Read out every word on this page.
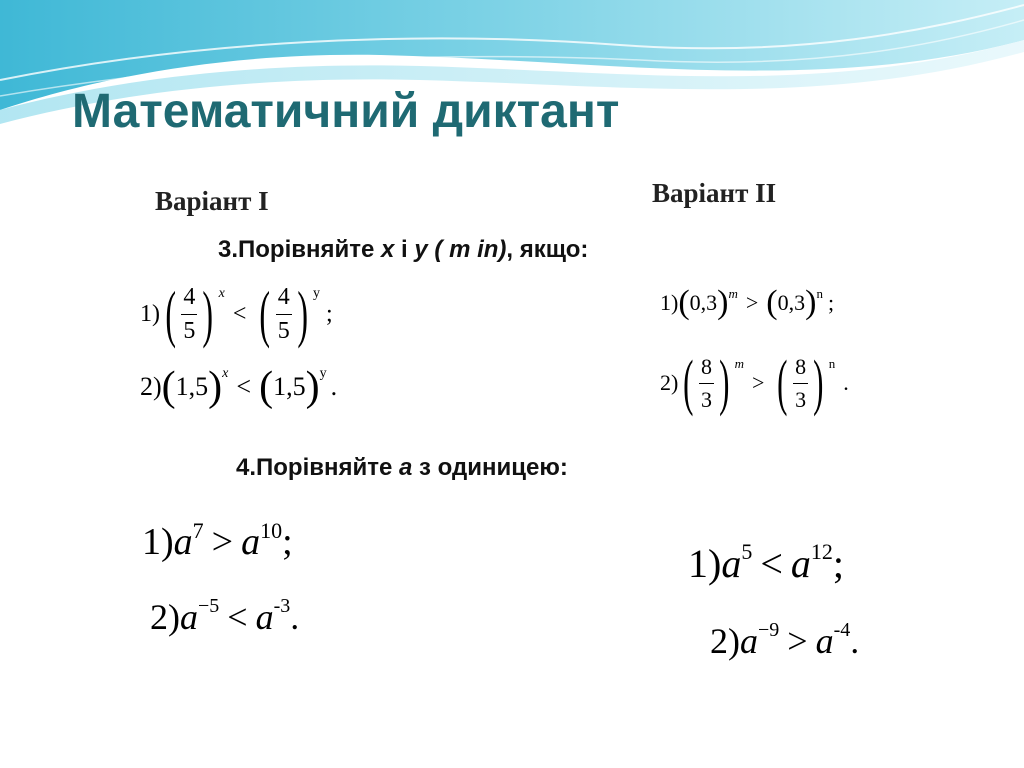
Математичний диктант
Варіант І	Варіант ІІ
3.Порівняйте x і y ( m in), якщо:
1) ( $\frac{4}{5}$ ) x
< ( $\frac{4}{5}$ ) y
;
2) ( 1,5 ) x < ( 1,5 ) y .
1) ( 0,3 ) m > ( 0,3 ) n ;
2) ( $\frac{8}{3}$ ) m
> ( $\frac{8}{3}$ ) n
.
4.Порівняйте a з одиницею:
1) a 7 > a 10 ;
2) a −5 < a -3 .
1) a 5 < a 12 ;
2) a −9 > a -4 .
